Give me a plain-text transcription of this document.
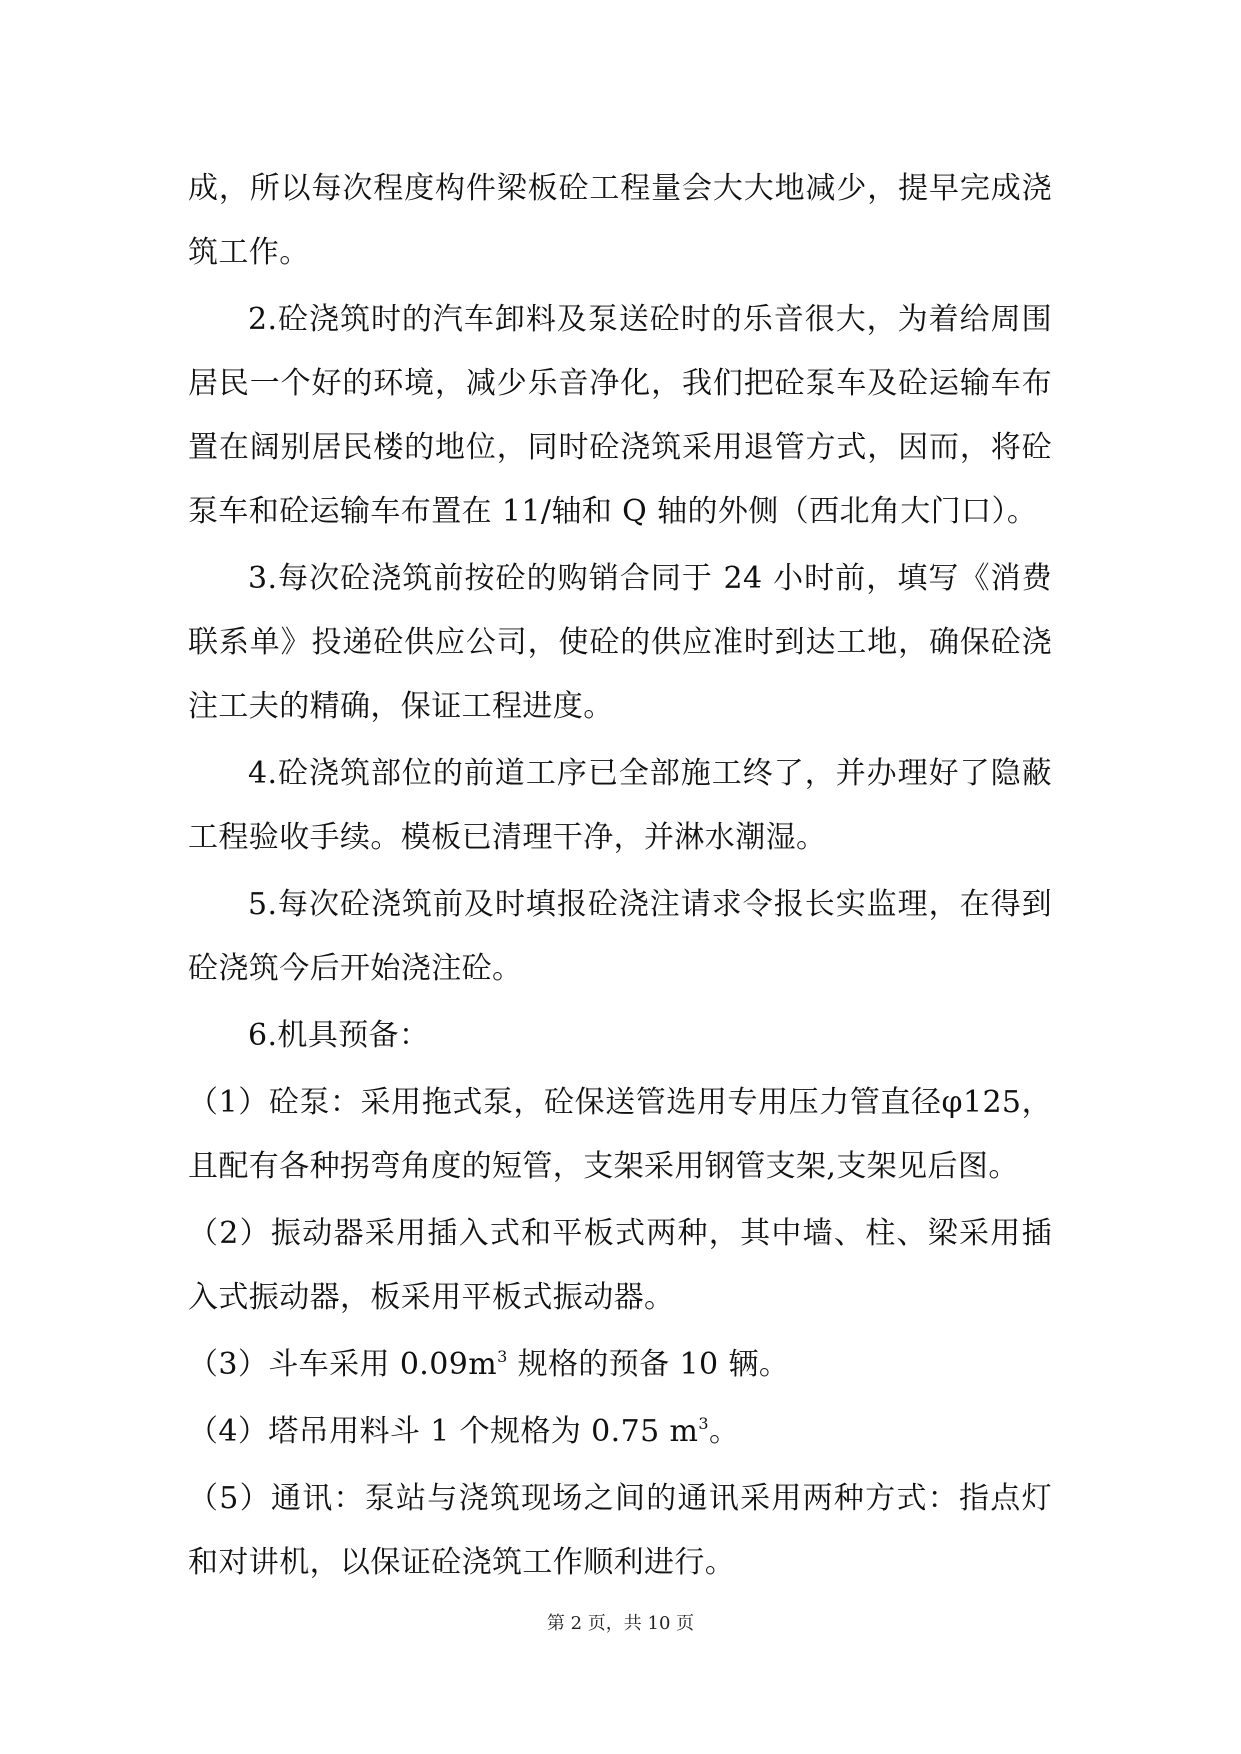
成，所以每次程度构件梁板砼工程量会大大地减少，提早完成浇筑工作。

2.砼浇筑时的汽车卸料及泵送砼时的乐音很大，为着给周围居民一个好的环境，减少乐音净化，我们把砼泵车及砼运输车布置在阔别居民楼的地位，同时砼浇筑采用退管方式，因而，将砼泵车和砼运输车布置在 11/轴和 Q 轴的外侧（西北角大门口）。

3.每次砼浇筑前按砼的购销合同于 24 小时前，填写《消费联系单》投递砼供应公司，使砼的供应准时到达工地，确保砼浇注工夫的精确，保证工程进度。

4.砼浇筑部位的前道工序已全部施工终了，并办理好了隐蔽工程验收手续。模板已清理干净，并淋水潮湿。

5.每次砼浇筑前及时填报砼浇注请求令报长实监理，在得到砼浇筑今后开始浇注砼。

6.机具预备：

（1）砼泵：采用拖式泵，砼保送管选用专用压力管直径φ125，且配有各种拐弯角度的短管，支架采用钢管支架,支架见后图。

（2）振动器采用插入式和平板式两种，其中墙、柱、梁采用插入式振动器，板采用平板式振动器。

（3）斗车采用 $0.09m^3$ 规格的预备 10 辆。

（4）塔吊用料斗 1 个规格为 0.75 $m^3$。

（5）通讯：泵站与浇筑现场之间的通讯采用两种方式：指点灯和对讲机，以保证砼浇筑工作顺利进行。

第 2 页，共 10 页
